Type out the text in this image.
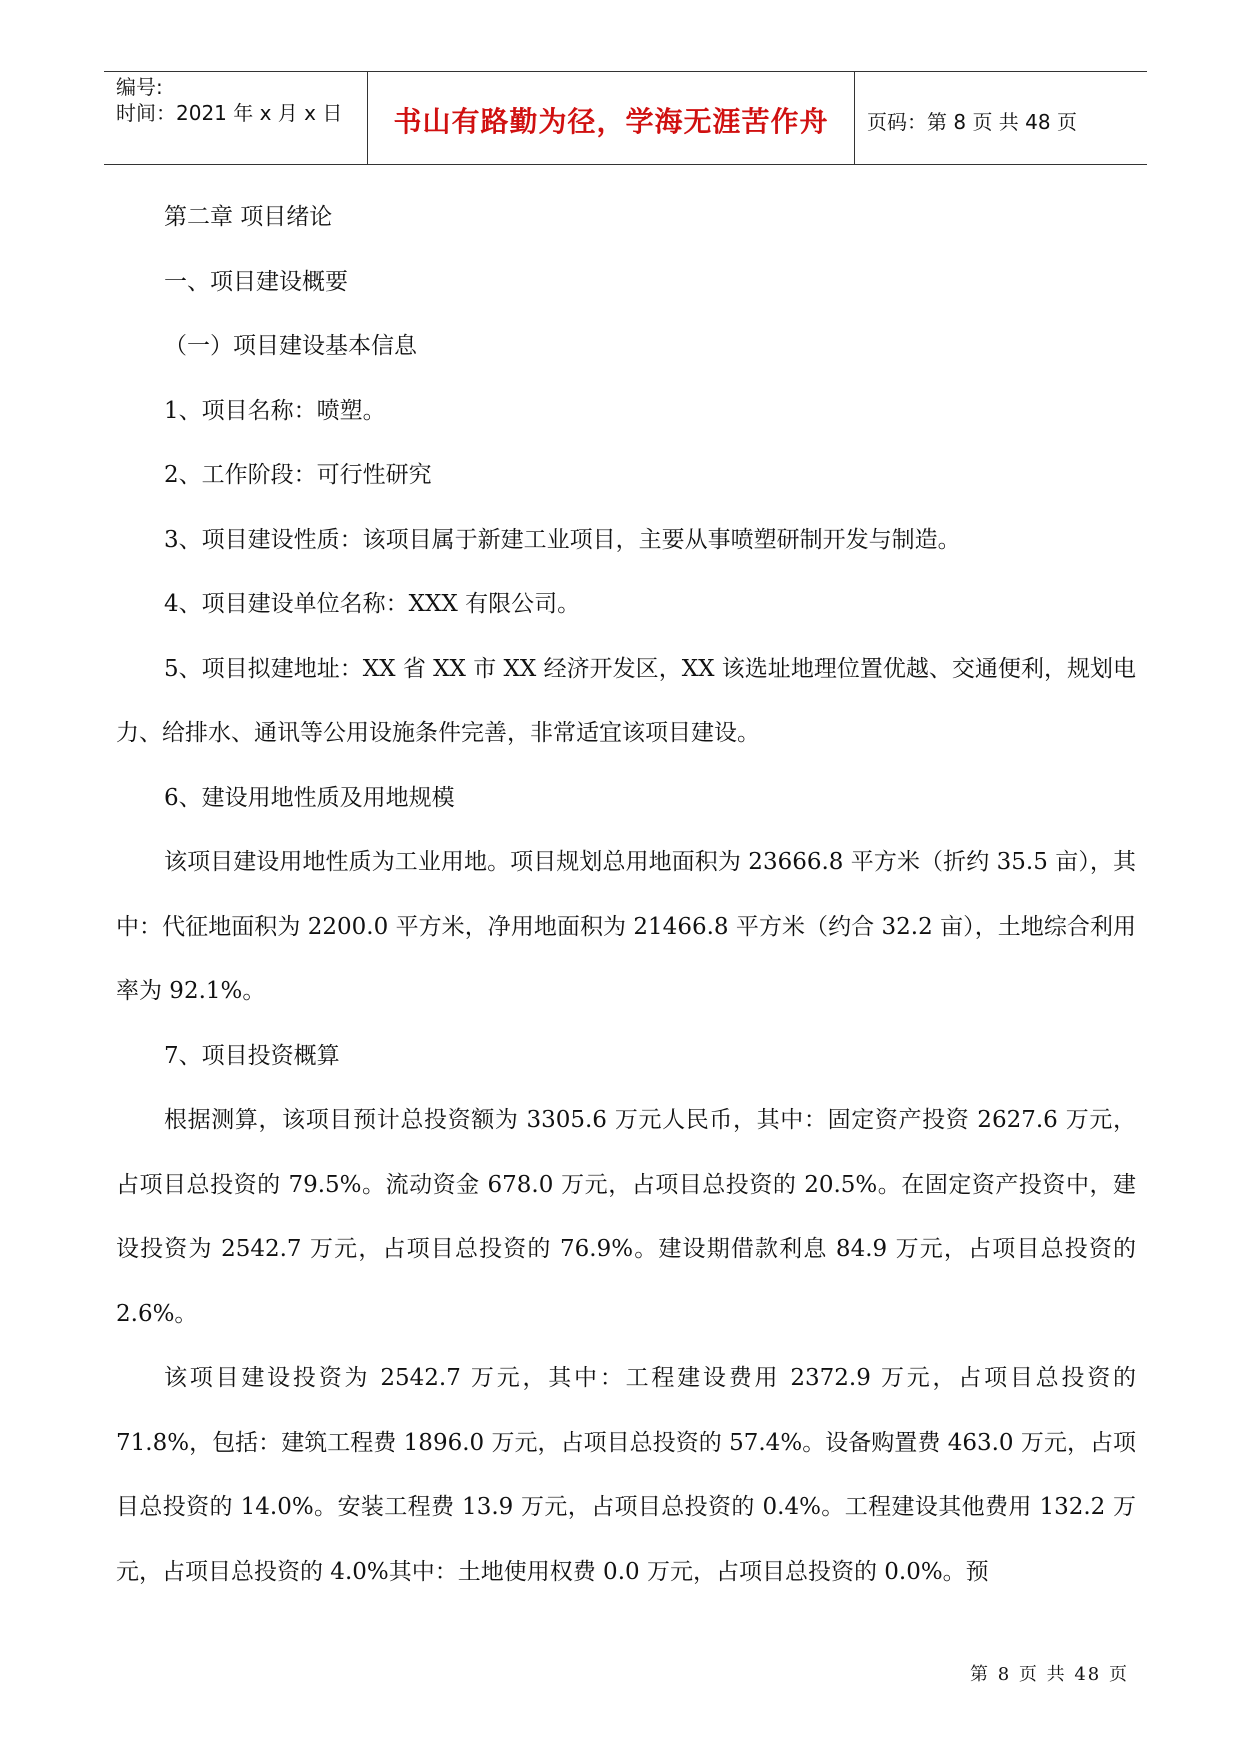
编号:
时间：2021 年 x 月 x 日	书山有路勤为径，学海无涯苦作舟	页码：第 8 页 共 48 页

第二章 项目绪论

一、项目建设概要

（一）项目建设基本信息

1、项目名称：喷塑。

2、工作阶段：可行性研究

3、项目建设性质：该项目属于新建工业项目，主要从事喷塑研制开发与制造。

4、项目建设单位名称：XXX 有限公司。

5、项目拟建地址：XX 省 XX 市 XX 经济开发区，XX 该选址地理位置优越、交通便利，规划电力、给排水、通讯等公用设施条件完善，非常适宜该项目建设。

6、建设用地性质及用地规模

该项目建设用地性质为工业用地。项目规划总用地面积为 23666.8 平方米（折约 35.5 亩），其中：代征地面积为 2200.0 平方米，净用地面积为 21466.8 平方米（约合 32.2 亩），土地综合利用率为 92.1%。

7、项目投资概算

根据测算，该项目预计总投资额为 3305.6 万元人民币，其中：固定资产投资 2627.6 万元，占项目总投资的 79.5%。流动资金 678.0 万元，占项目总投资的 20.5%。在固定资产投资中，建设投资为 2542.7 万元，占项目总投资的 76.9%。建设期借款利息 84.9 万元，占项目总投资的 2.6%。

该项目建设投资为 2542.7 万元，其中：工程建设费用 2372.9 万元，占项目总投资的 71.8%，包括：建筑工程费 1896.0 万元，占项目总投资的 57.4%。设备购置费 463.0 万元，占项目总投资的 14.0%。安装工程费 13.9 万元，占项目总投资的 0.4%。工程建设其他费用 132.2 万元，占项目总投资的 4.0%其中：土地使用权费 0.0 万元，占项目总投资的 0.0%。预

第 8 页 共 48 页
